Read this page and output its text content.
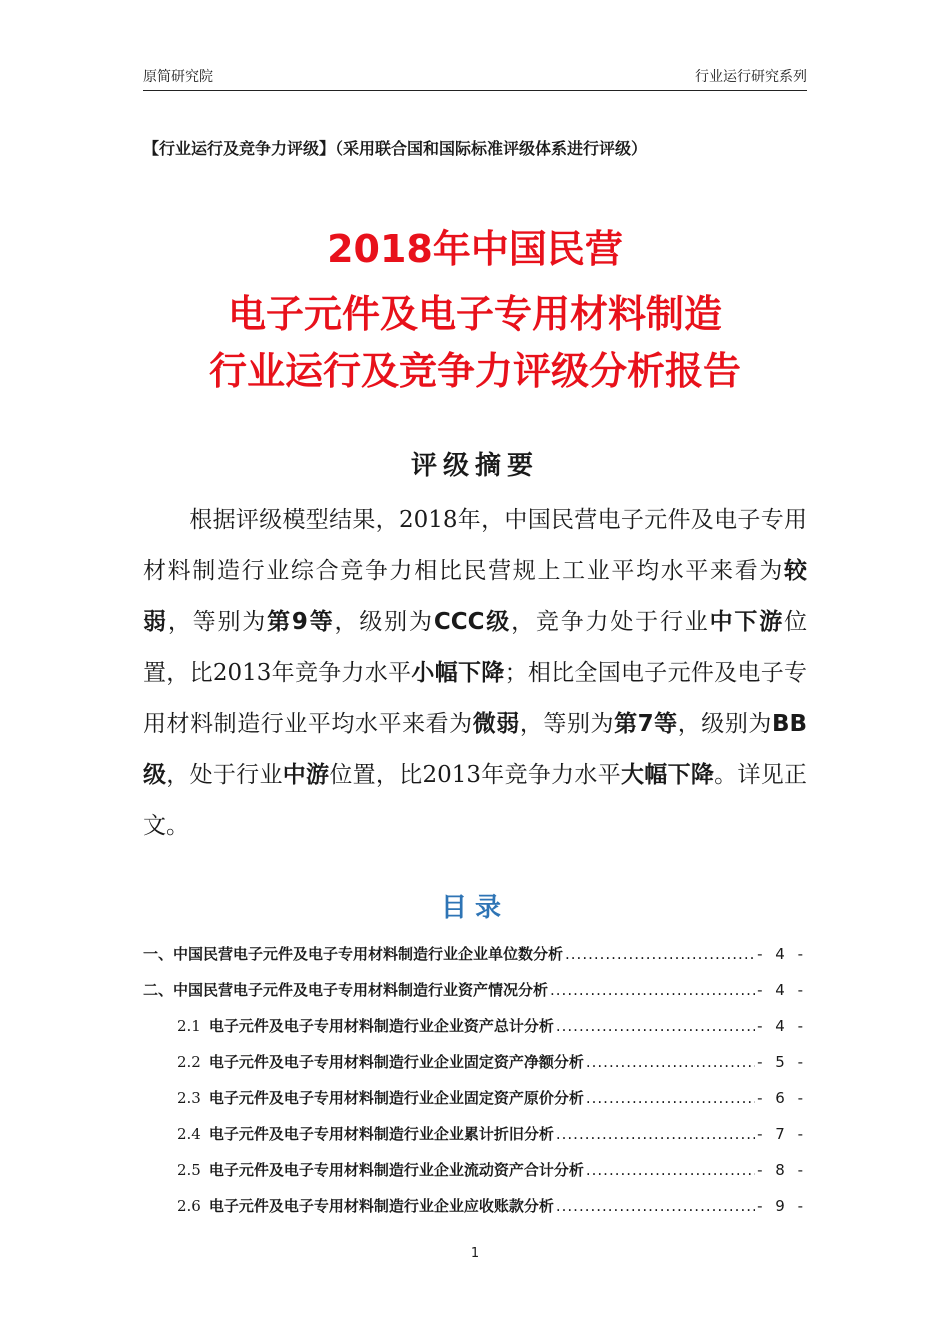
原简研究院	行业运行研究系列
【行业运行及竞争力评级】（采用联合国和国际标准评级体系进行评级）
2018年中国民营
电子元件及电子专用材料制造
行业运行及竞争力评级分析报告
评级摘要

根据评级模型结果，2018年，中国民营电子元件及电子专用材料制造行业综合竞争力相比民营规上工业平均水平来看为较弱，等别为第9等，级别为CCC级，竞争力处于行业中下游位置，比2013年竞争力水平小幅下降；相比全国电子元件及电子专用材料制造行业平均水平来看为微弱，等别为第7等，级别为BB级，处于行业中游位置，比2013年竞争力水平大幅下降。详见正文。

目录
一、中国民营电子元件及电子专用材料制造行业企业单位数分析 .....	- 4 -
二、中国民营电子元件及电子专用材料制造行业资产情况分析 .....	- 4 -
2.1 电子元件及电子专用材料制造行业企业资产总计分析 .....	- 4 -
2.2 电子元件及电子专用材料制造行业企业固定资产净额分析 .....	- 5 -
2.3 电子元件及电子专用材料制造行业企业固定资产原价分析 .....	- 6 -
2.4 电子元件及电子专用材料制造行业企业累计折旧分析 .....	- 7 -
2.5 电子元件及电子专用材料制造行业企业流动资产合计分析 .....	- 8 -
2.6 电子元件及电子专用材料制造行业企业应收账款分析 .....	- 9 -
1
